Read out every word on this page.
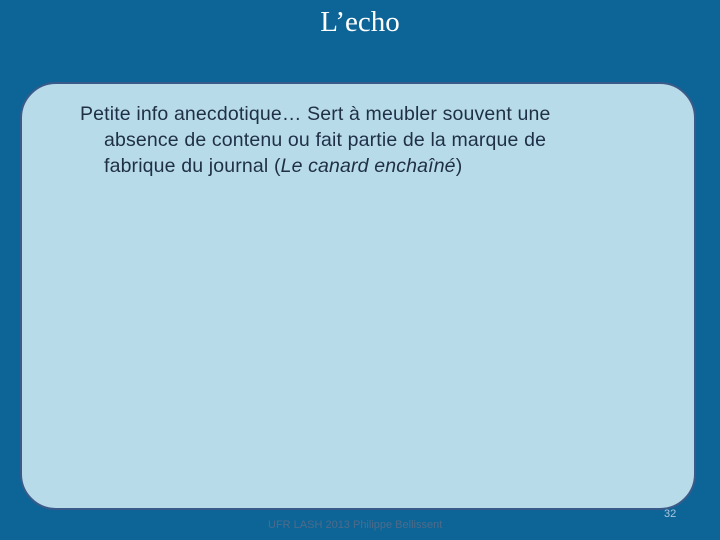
L’echo
Petite info anecdotique… Sert à meubler souvent une
absence de contenu ou fait partie de la marque de
fabrique du journal (Le canard enchaîné)
UFR LASH 2013 Philippe Bellissent
32
